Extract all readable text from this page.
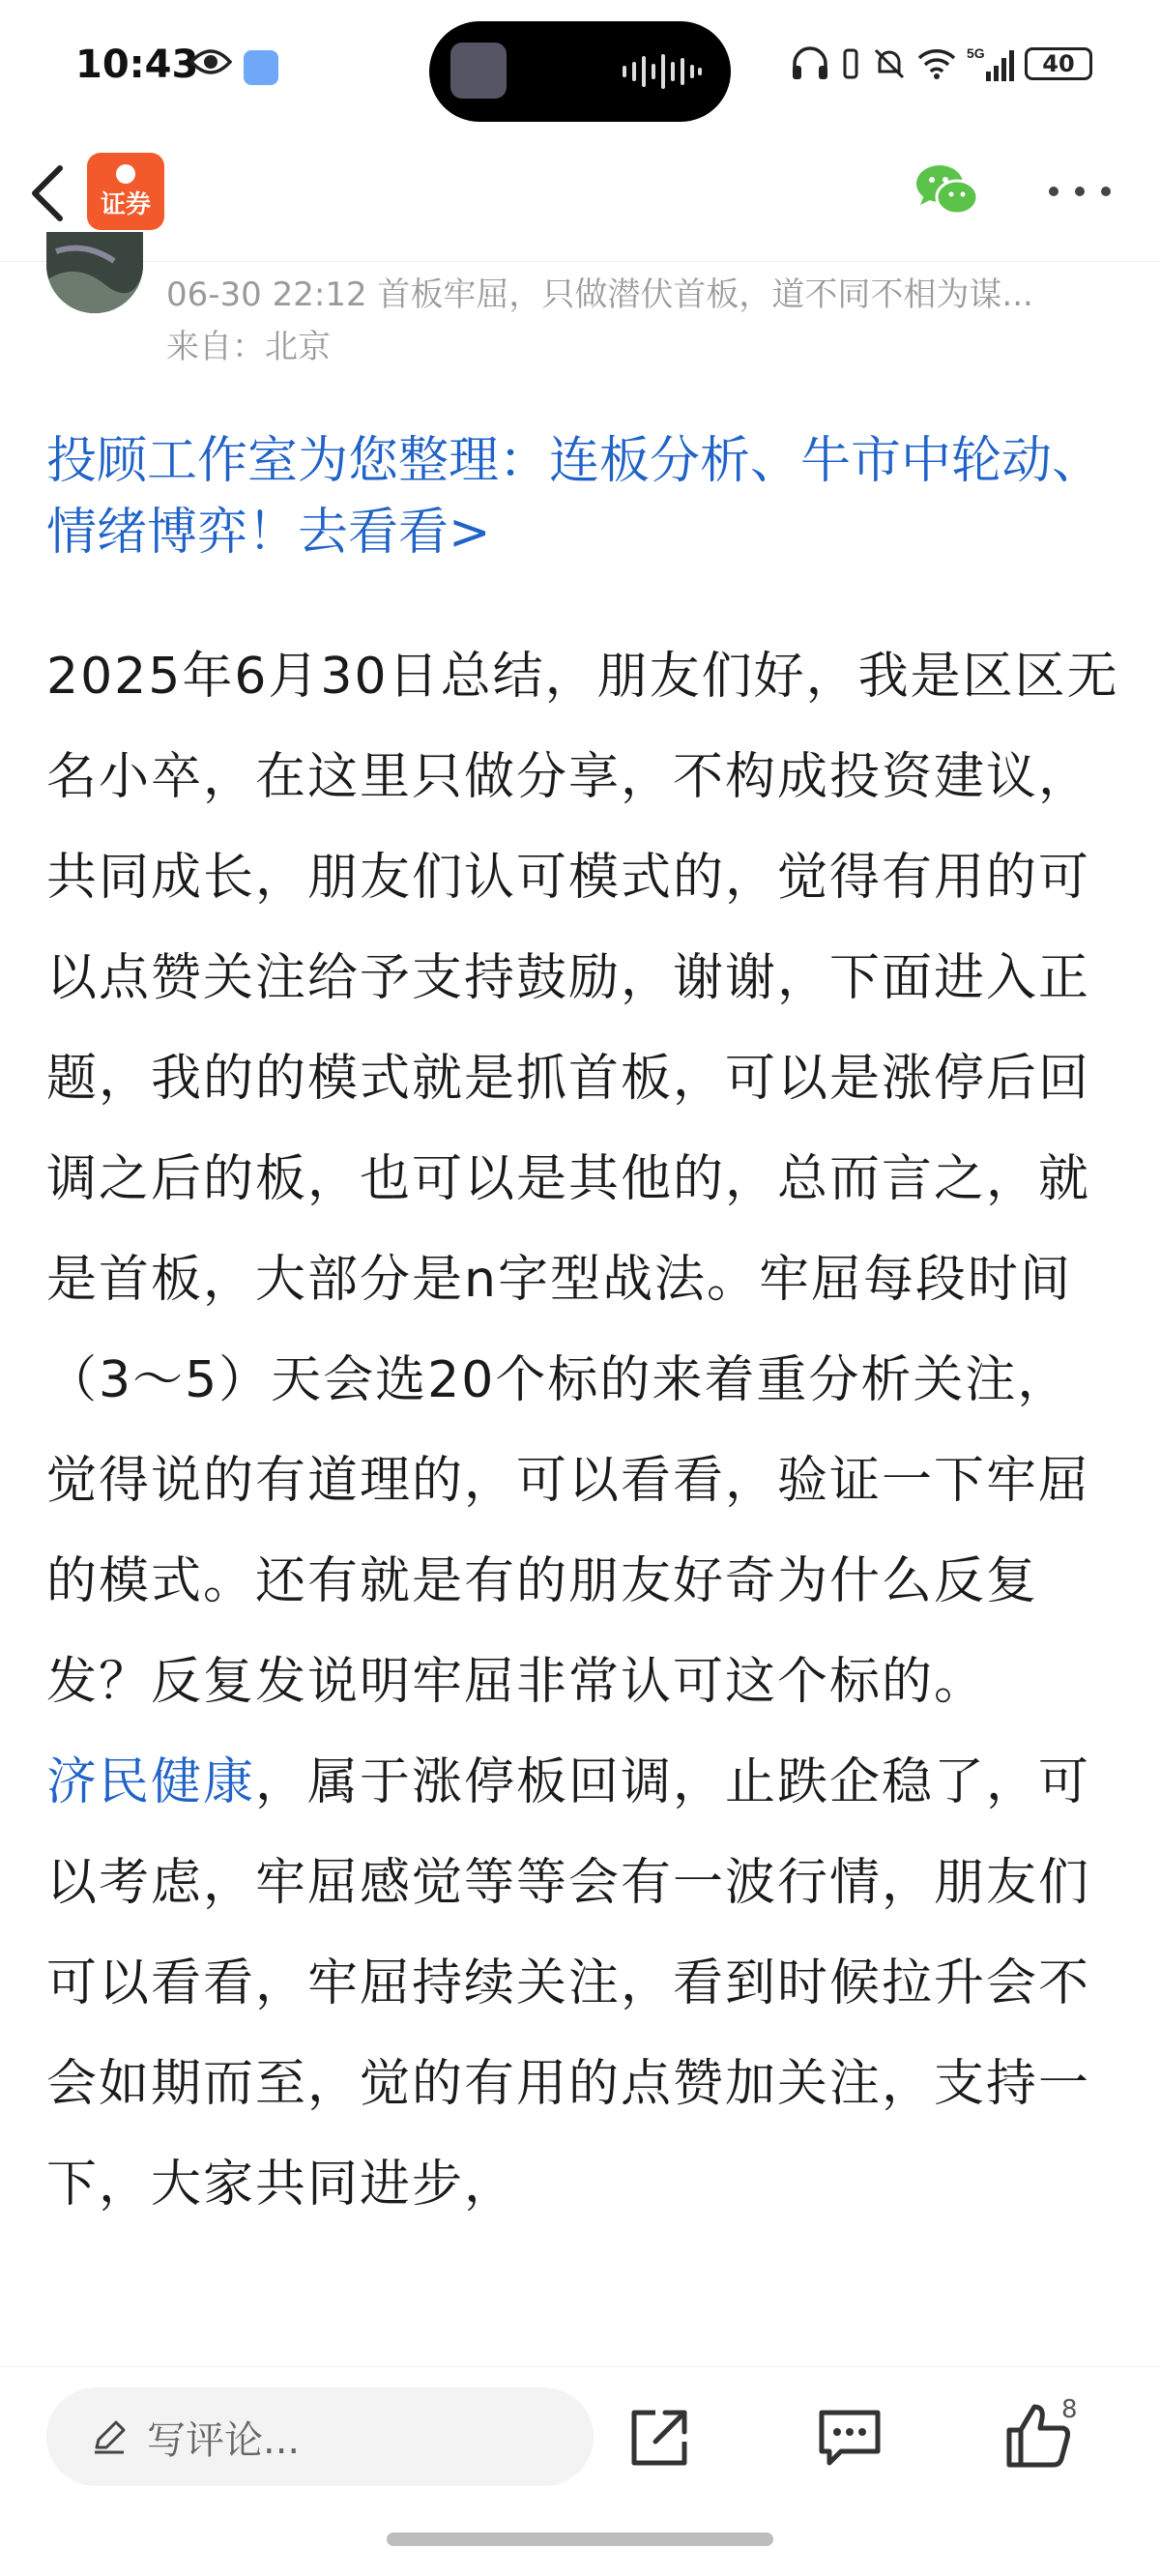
10:43	5G	40
证券
06-30 22:12 首板牢屈，只做潜伏首板，道不同不相为谋...
来自：北京
投顾工作室为您整理：连板分析、牛市中轮动、情绪博弈！去看看>
2025年6月30日总结，朋友们好，我是区区无名小卒，在这里只做分享，不构成投资建议，共同成长，朋友们认可模式的，觉得有用的可以点赞关注给予支持鼓励，谢谢，下面进入正题，我的的模式就是抓首板，可以是涨停后回调之后的板，也可以是其他的，总而言之，就是首板，大部分是n字型战法。牢屈每段时间（3～5）天会选20个标的来着重分析关注，觉得说的有道理的，可以看看，验证一下牢屈的模式。还有就是有的朋友好奇为什么反复发？反复发说明牢屈非常认可这个标的。
济民健康，属于涨停板回调，止跌企稳了，可以考虑，牢屈感觉等等会有一波行情，朋友们可以看看，牢屈持续关注，看到时候拉升会不会如期而至，觉的有用的点赞加关注，支持一下，大家共同进步，
写评论...
8
